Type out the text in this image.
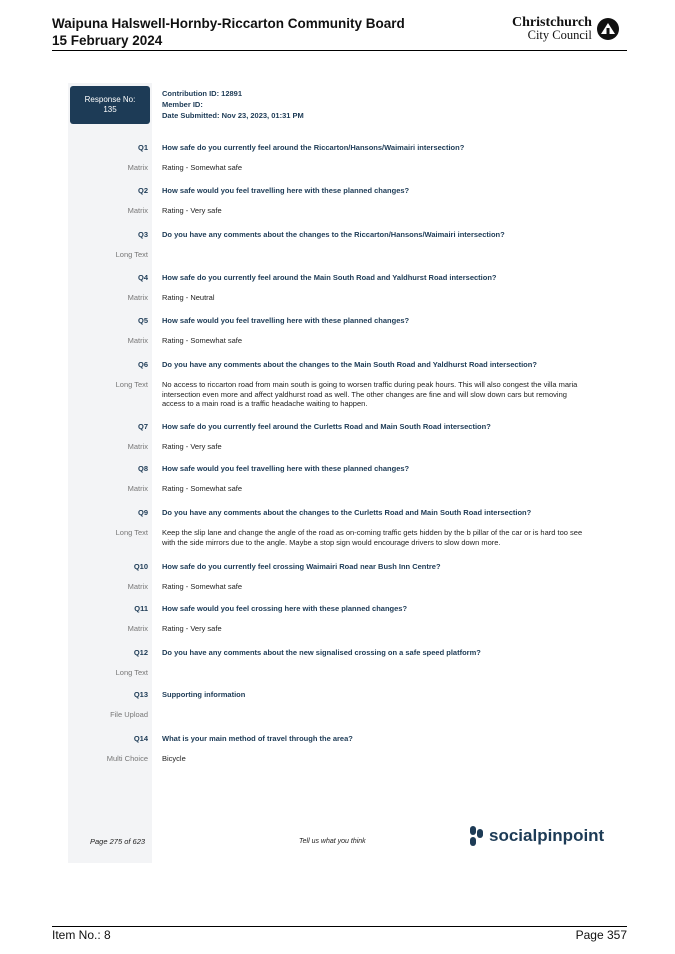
Waipuna Halswell-Hornby-Riccarton Community Board
15 February 2024
Christchurch
City Council
Response No:
135
Contribution ID: 12891
Member ID:
Date Submitted: Nov 23, 2023, 01:31 PM
Q1 How safe do you currently feel around the Riccarton/Hansons/Waimairi intersection?
Matrix Rating - Somewhat safe
Q2 How safe would you feel travelling here with these planned changes?
Matrix Rating - Very safe
Q3 Do you have any comments about the changes to the Riccarton/Hansons/Waimairi intersection?
Long Text
Q4 How safe do you currently feel around the Main South Road and Yaldhurst Road intersection?
Matrix Rating - Neutral
Q5 How safe would you feel travelling here with these planned changes?
Matrix Rating - Somewhat safe
Q6 Do you have any comments about the changes to the Main South Road and Yaldhurst Road intersection?
Long Text No access to riccarton road from main south is going to worsen traffic during peak hours. This will also congest the villa maria intersection even more and affect yaldhurst road as well. The other changes are fine and will slow down cars but removing access to a main road is a traffic headache waiting to happen.
Q7 How safe do you currently feel around the Curletts Road and Main South Road intersection?
Matrix Rating - Very safe
Q8 How safe would you feel travelling here with these planned changes?
Matrix Rating - Somewhat safe
Q9 Do you have any comments about the changes to the Curletts Road and Main South Road intersection?
Long Text Keep the slip lane and change the angle of the road as on-coming traffic gets hidden by the b pillar of the car or is hard too see with the side mirrors due to the angle. Maybe a stop sign would encourage drivers to slow down more.
Q10 How safe do you currently feel crossing Waimairi Road near Bush Inn Centre?
Matrix Rating - Somewhat safe
Q11 How safe would you feel crossing here with these planned changes?
Matrix Rating - Very safe
Q12 Do you have any comments about the new signalised crossing on a safe speed platform?
Long Text
Q13 Supporting information
File Upload
Q14 What is your main method of travel through the area?
Multi Choice Bicycle
Page 275 of 623	Tell us what you think	socialpinpoint
Item No.: 8	Page 357
